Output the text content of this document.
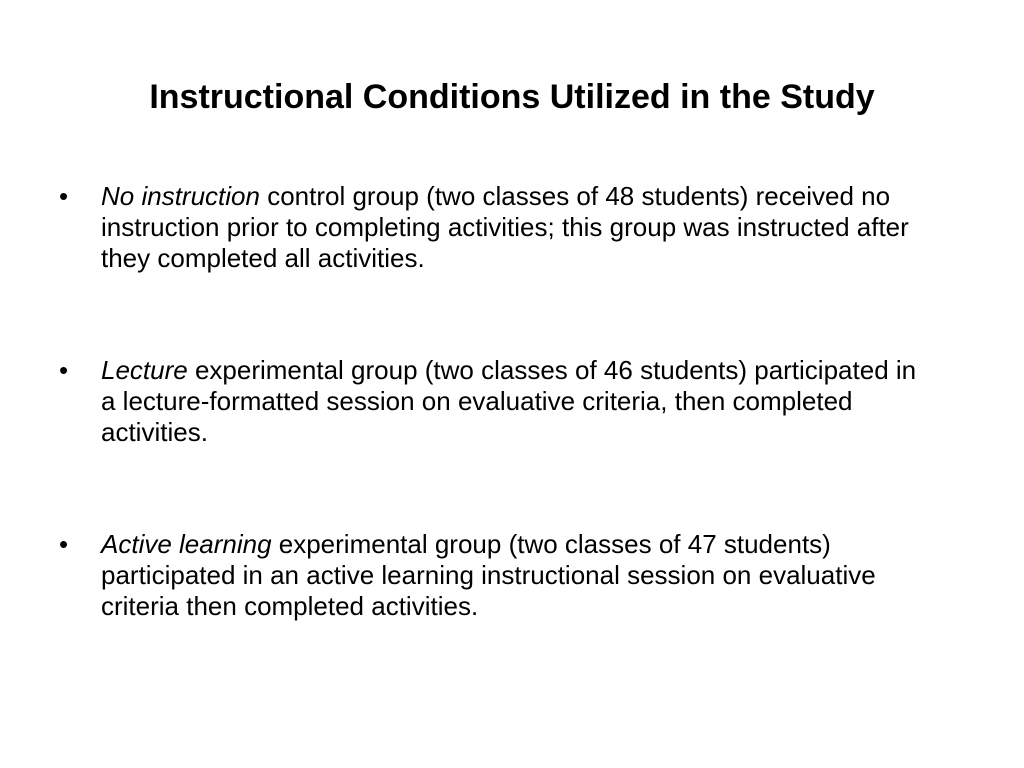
Instructional Conditions Utilized in the Study
• No instruction control group (two classes of 48 students) received no instruction prior to completing activities; this group was instructed after they completed all activities.
• Lecture experimental group (two classes of 46 students) participated in a lecture-formatted session on evaluative criteria, then completed activities.
• Active learning experimental group (two classes of 47 students) participated in an active learning instructional session on evaluative criteria then completed activities.
